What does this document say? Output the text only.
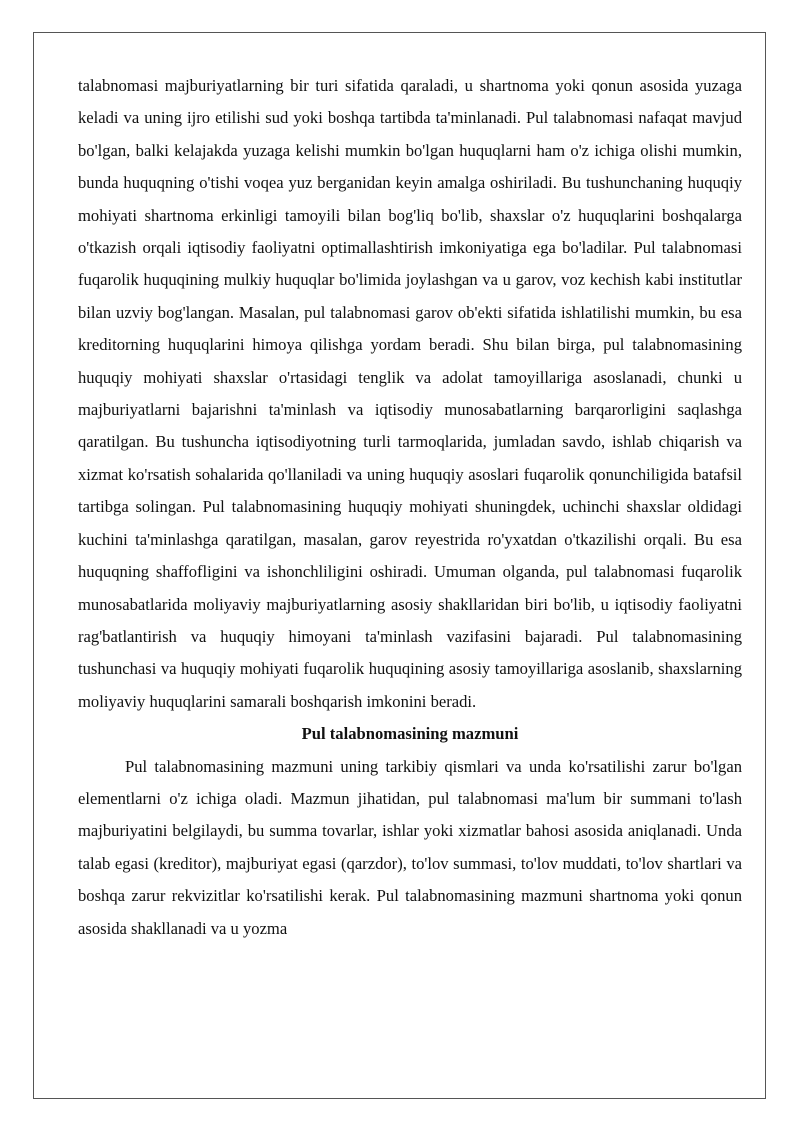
talabnomasi majburiyatlarning bir turi sifatida qaraladi, u shartnoma yoki qonun asosida yuzaga keladi va uning ijro etilishi sud yoki boshqa tartibda ta'minlanadi. Pul talabnomasi nafaqat mavjud bo'lgan, balki kelajakda yuzaga kelishi mumkin bo'lgan huquqlarni ham o'z ichiga olishi mumkin, bunda huquqning o'tishi voqea yuz berganidan keyin amalga oshiriladi. Bu tushunchaning huquqiy mohiyati shartnoma erkinligi tamoyili bilan bog'liq bo'lib, shaxslar o'z huquqlarini boshqalarga o'tkazish orqali iqtisodiy faoliyatni optimallashtirish imkoniyatiga ega bo'ladilar. Pul talabnomasi fuqarolik huquqining mulkiy huquqlar bo'limida joylashgan va u garov, voz kechish kabi institutlar bilan uzviy bog'langan. Masalan, pul talabnomasi garov ob'ekti sifatida ishlatilishi mumkin, bu esa kreditorning huquqlarini himoya qilishga yordam beradi. Shu bilan birga, pul talabnomasining huquqiy mohiyati shaxslar o'rtasidagi tenglik va adolat tamoyillariga asoslanadi, chunki u majburiyatlarni bajarishni ta'minlash va iqtisodiy munosabatlarning barqarorligini saqlashga qaratilgan. Bu tushuncha iqtisodiyotning turli tarmoqlarida, jumladan savdo, ishlab chiqarish va xizmat ko'rsatish sohalarida qo'llaniladi va uning huquqiy asoslari fuqarolik qonunchiligida batafsil tartibga solingan. Pul talabnomasining huquqiy mohiyati shuningdek, uchinchi shaxslar oldidagi kuchini ta'minlashga qaratilgan, masalan, garov reyestrida ro'yxatdan o'tkazilishi orqali. Bu esa huquqning shaffofligini va ishonchliligini oshiradi. Umuman olganda, pul talabnomasi fuqarolik munosabatlarida moliyaviy majburiyatlarning asosiy shakllaridan biri bo'lib, u iqtisodiy faoliyatni rag'batlantirish va huquqiy himoyani ta'minlash vazifasini bajaradi. Pul talabnomasining tushunchasi va huquqiy mohiyati fuqarolik huquqining asosiy tamoyillariga asoslanib, shaxslarning moliyaviy huquqlarini samarali boshqarish imkonini beradi.

Pul talabnomasining mazmuni

Pul talabnomasining mazmuni uning tarkibiy qismlari va unda ko'rsatilishi zarur bo'lgan elementlarni o'z ichiga oladi. Mazmun jihatidan, pul talabnomasi ma'lum bir summani to'lash majburiyatini belgilaydi, bu summa tovarlar, ishlar yoki xizmatlar bahosi asosida aniqlanadi. Unda talab egasi (kreditor), majburiyat egasi (qarzdor), to'lov summasi, to'lov muddati, to'lov shartlari va boshqa zarur rekvizitlar ko'rsatilishi kerak. Pul talabnomasining mazmuni shartnoma yoki qonun asosida shakllanadi va u yozma
